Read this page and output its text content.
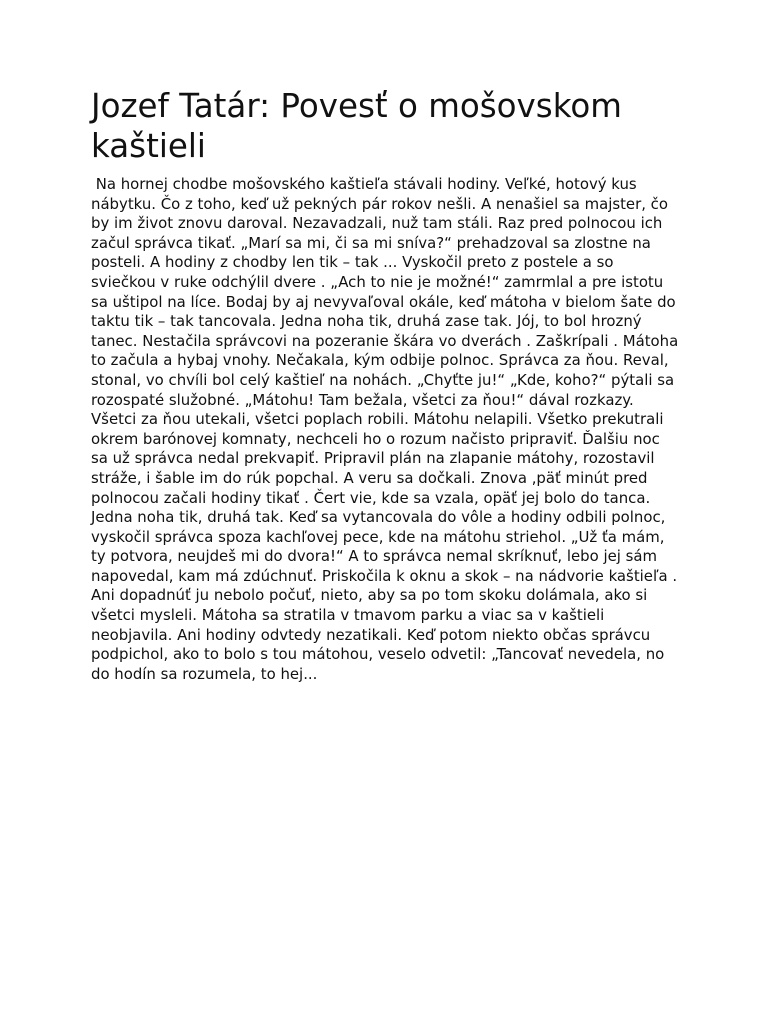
Jozef Tatár: Povesť o mošovskom kaštieli

Na hornej chodbe mošovského kaštieľa stávali hodiny. Veľké, hotový kus nábytku. Čo z toho, keď už pekných pár rokov nešli. A nenašiel sa majster, čo by im život znovu daroval. Nezavadzali, nuž tam stáli. Raz pred polnocou ich začul správca tikať. „Marí sa mi, či sa mi sníva?“ prehadzoval sa zlostne na posteli. A hodiny z chodby len tik – tak ... Vyskočil preto z postele a so sviečkou v ruke odchýlil dvere . „Ach to nie je možné!“ zamrmlal a pre istotu sa uštipol na líce. Bodaj by aj nevyvaľoval okále, keď mátoha v bielom šate do taktu tik – tak tancovala. Jedna noha tik, druhá zase tak. Jój, to bol hrozný tanec. Nestačila správcovi na pozeranie škára vo dverách . Zaškrípali . Mátoha to začula a hybaj vnohy. Nečakala, kým odbije polnoc. Správca za ňou. Reval, stonal, vo chvíli bol celý kaštieľ na nohách. „Chyťte ju!“ „Kde, koho?“ pýtali sa rozospaté služobné. „Mátohu! Tam bežala, všetci za ňou!“ dával rozkazy. Všetci za ňou utekali, všetci poplach robili. Mátohu nelapili. Všetko prekutrali okrem barónovej komnaty, nechceli ho o rozum načisto pripraviť. Ďalšiu noc sa už správca nedal prekvapiť. Pripravil plán na zlapanie mátohy, rozostavil stráže, i šable im do rúk popchal. A veru sa dočkali. Znova ‚päť minút pred polnocou začali hodiny tikať . Čert vie, kde sa vzala, opäť jej bolo do tanca. Jedna noha tik, druhá tak. Keď sa vytancovala do vôle a hodiny odbili polnoc, vyskočil správca spoza kachľovej pece, kde na mátohu striehol. „Už ťa mám, ty potvora, neujdeš mi do dvora!“ A to správca nemal skríknuť, lebo jej sám napovedal, kam má zdúchnuť. Priskočila k oknu a skok – na nádvorie kaštieľa . Ani dopadnúť ju nebolo počuť, nieto, aby sa po tom skoku dolámala, ako si všetci mysleli. Mátoha sa stratila v tmavom parku a viac sa v kaštieli neobjavila. Ani hodiny odvtedy nezatikali. Keď potom niekto občas správcu podpichol, ako to bolo s tou mátohou, veselo odvetil: „Tancovať nevedela, no do hodín sa rozumela, to hej...
